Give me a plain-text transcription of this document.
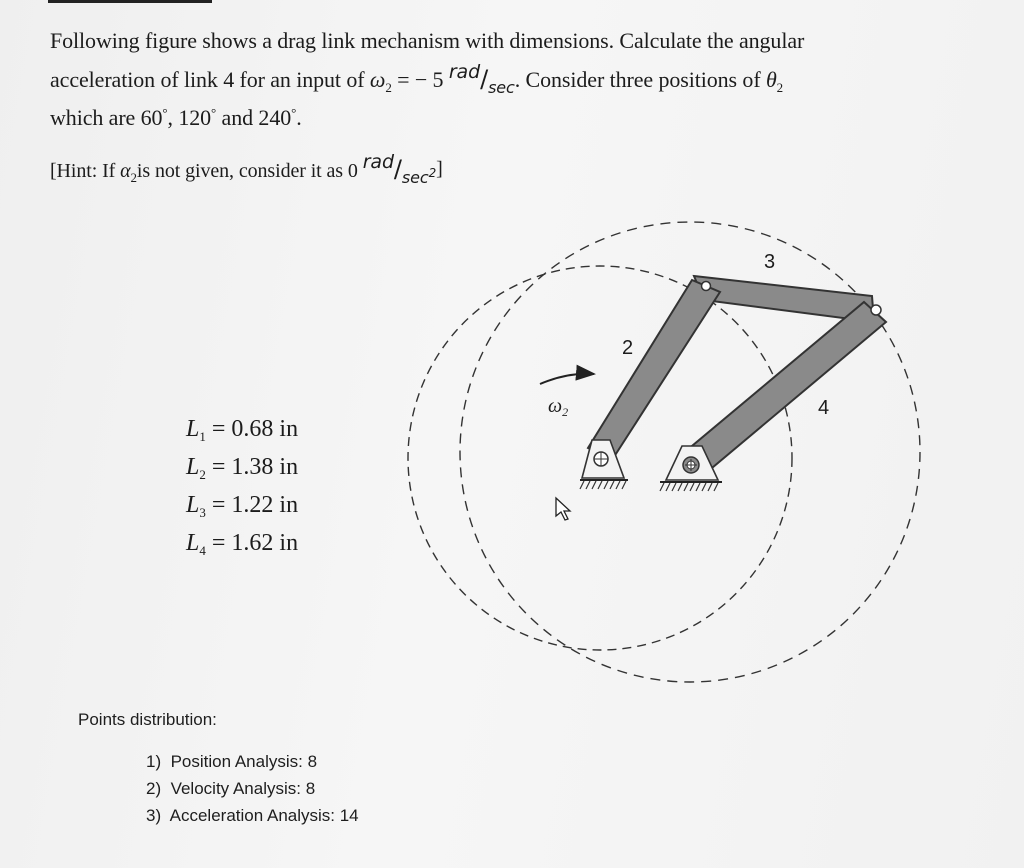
Following figure shows a drag link mechanism with dimensions. Calculate the angular
acceleration of link 4 for an input of $\omega_2$ = − 5 rad/sec. Consider three positions of $\theta_2$
which are 60°, 120° and 240°.
[Hint: If $\alpha_2is$ not given, consider it as 0 rad/$\sec^2$]
2
3
4
$\omega_2$
$L_1 = 0.68$ in
$L_2 = 1.38$ in
$L_3 = 1.22$ in
$L_4 = 1.62$ in
Points distribution:
1) Position Analysis: 8
2) Velocity Analysis: 8
3) Acceleration Analysis: 14
